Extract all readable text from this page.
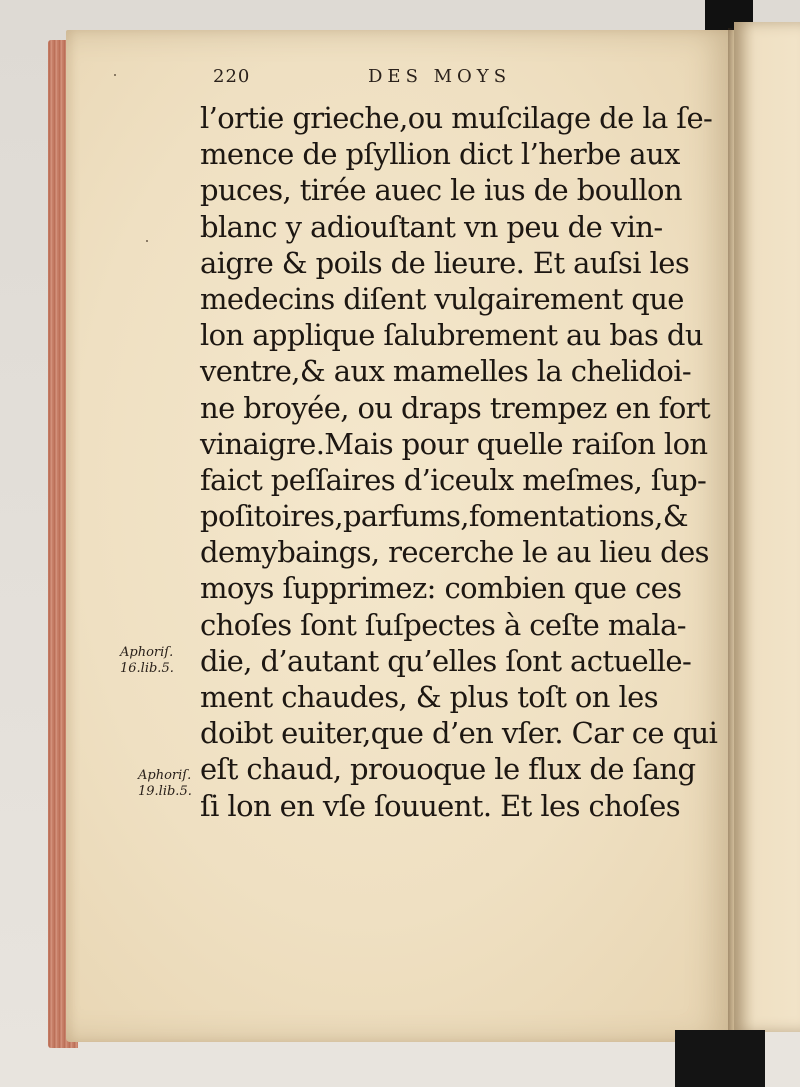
220	DES MOYS
l’ortie grieche,ou muſcilage de la ſe-
mence de pſyllion dict l’herbe aux
puces, tirée auec le ius de boullon
blanc y adiouſtant vn peu de vin-
aigre & poils de lieure. Et auſsi les
medecins diſent vulgairement que
lon applique ſalubrement au bas du
ventre,& aux mamelles la chelidoi-
ne broyée, ou draps trempez en fort
vinaigre.Mais pour quelle raiſon lon
faict peſſaires d’iceulx meſmes, ſup-
poſitoires,parfums,fomentations,&
demybaings, recerche le au lieu des
moys ſupprimez: combien que ces
choſes ſont ſuſpectes à ceſte mala-
die, d’autant qu’elles ſont actuelle-
ment chaudes, & plus toſt on les
doibt euiter,que d’en vſer. Car ce qui
eſt chaud, prouoque le flux de ſang
ſi lon en vſe ſouuent. Et les choſes
Aphoriſ.
16.lib.5.
Aphoriſ.
19.lib.5.
